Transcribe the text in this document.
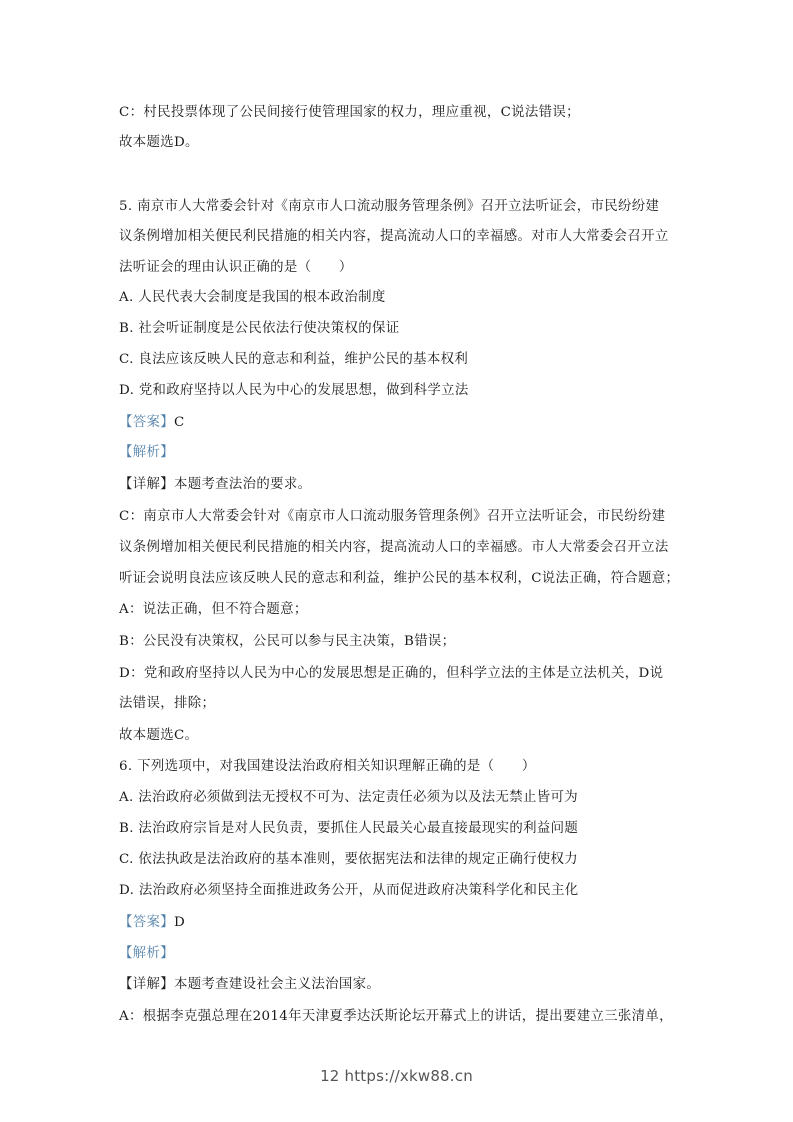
C：村民投票体现了公民间接行使管理国家的权力，理应重视，C说法错误；
故本题选D。
5. 南京市人大常委会针对《南京市人口流动服务管理条例》召开立法听证会，市民纷纷建
议条例增加相关便民利民措施的相关内容，提高流动人口的幸福感。对市人大常委会召开立
法听证会的理由认识正确的是（　　）
A. 人民代表大会制度是我国的根本政治制度
B. 社会听证制度是公民依法行使决策权的保证
C. 良法应该反映人民的意志和利益，维护公民的基本权利
D. 党和政府坚持以人民为中心的发展思想，做到科学立法
【答案】C
【解析】
【详解】本题考查法治的要求。
C：南京市人大常委会针对《南京市人口流动服务管理条例》召开立法听证会，市民纷纷建
议条例增加相关便民利民措施的相关内容，提高流动人口的幸福感。市人大常委会召开立法
听证会说明良法应该反映人民的意志和利益，维护公民的基本权利，C说法正确，符合题意；
A：说法正确，但不符合题意；
B：公民没有决策权，公民可以参与民主决策，B错误；
D：党和政府坚持以人民为中心的发展思想是正确的，但科学立法的主体是立法机关，D说
法错误，排除；
故本题选C。
6. 下列选项中，对我国建设法治政府相关知识理解正确的是（　　）
A. 法治政府必须做到法无授权不可为、法定责任必须为以及法无禁止皆可为
B. 法治政府宗旨是对人民负责，要抓住人民最关心最直接最现实的利益问题
C. 依法执政是法治政府的基本准则，要依据宪法和法律的规定正确行使权力
D. 法治政府必须坚持全面推进政务公开，从而促进政府决策科学化和民主化
【答案】D
【解析】
【详解】本题考查建设社会主义法治国家。
A：根据李克强总理在2014年天津夏季达沃斯论坛开幕式上的讲话，提出要建立三张清单，
12 https://xkw88.cn
